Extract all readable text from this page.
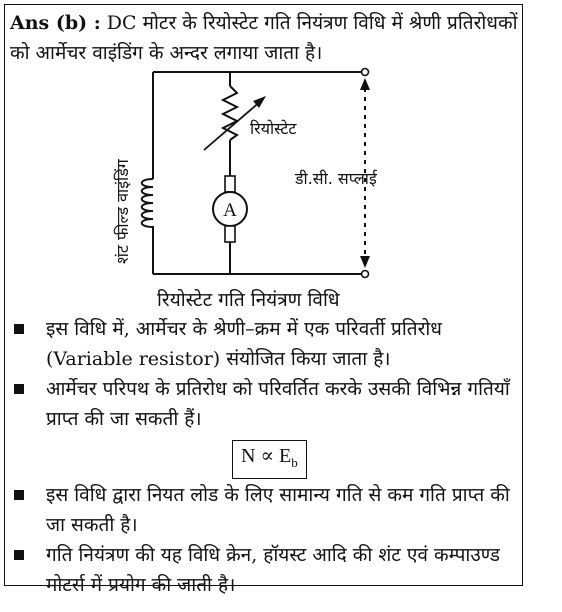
Ans (b) : DC मोटर के रियोस्टेट गति नियंत्रण विधि में श्रेणी प्रतिरोधकों को आर्मेचर वाइंडिंग के अन्दर लगाया जाता है।
A
रियोस्टेट
डी.सी. सप्लाई
शंट फील्ड वाइंडिंग
रियोस्टेट गति नियंत्रण विधि
इस विधि में, आर्मेचर के श्रेणी–क्रम में एक परिवर्ती प्रतिरोध (Variable resistor) संयोजित किया जाता है।
आर्मेचर परिपथ के प्रतिरोध को परिवर्तित करके उसकी विभिन्न गतियाँ प्राप्त की जा सकती हैं।
$N \propto E_b$
इस विधि द्वारा नियत लोड के लिए सामान्य गति से कम गति प्राप्त की जा सकती है।
गति नियंत्रण की यह विधि क्रेन, हॉयस्ट आदि की शंट एवं कम्पाउण्ड मोटर्स में प्रयोग की जाती है।
